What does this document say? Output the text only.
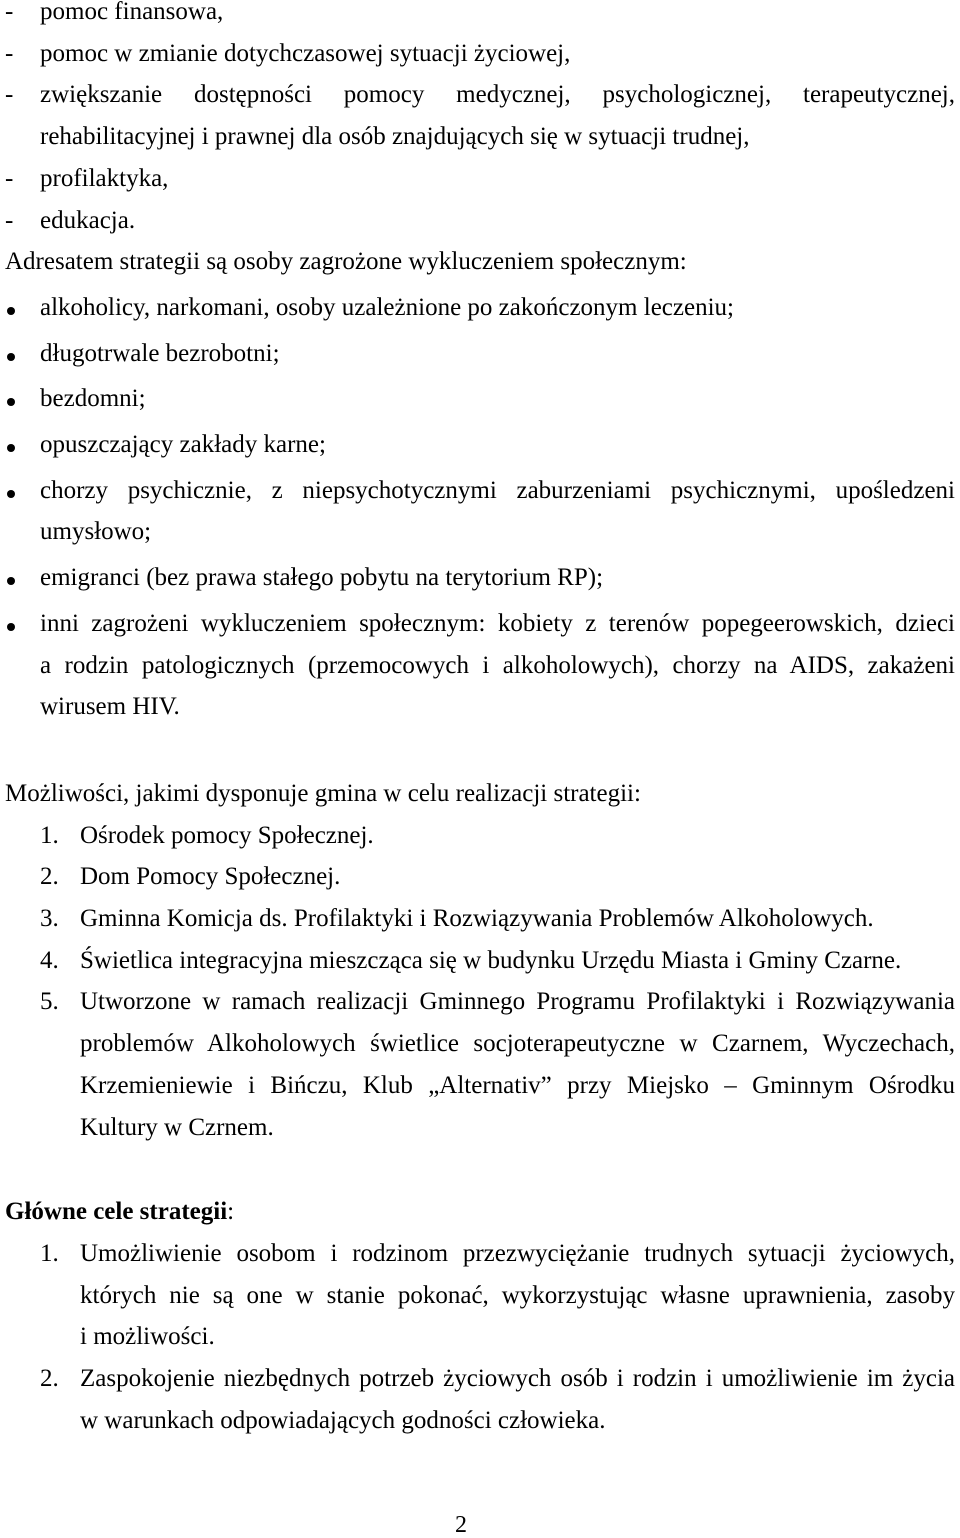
- pomoc finansowa,
- pomoc w zmianie dotychczasowej sytuacji życiowej,
- zwiększanie dostępności pomocy medycznej, psychologicznej, terapeutycznej,
rehabilitacyjnej i prawnej dla osób znajdujących się w sytuacji trudnej,
- profilaktyka,
- edukacja.
Adresatem strategii są osoby zagrożone wykluczeniem społecznym:
alkoholicy, narkomani, osoby uzależnione po zakończonym leczeniu;
długotrwale bezrobotni;
bezdomni;
opuszczający zakłady karne;
chorzy psychicznie, z niepsychotycznymi zaburzeniami psychicznymi, upośledzeni
umysłowo;
emigranci (bez prawa stałego pobytu na terytorium RP);
inni zagrożeni wykluczeniem społecznym: kobiety z terenów popegeerowskich, dzieci
a rodzin patologicznych (przemocowych i alkoholowych), chorzy na AIDS, zakażeni
wirusem HIV.
Możliwości, jakimi dysponuje gmina w celu realizacji strategii:
1. Ośrodek pomocy Społecznej.
2. Dom Pomocy Społecznej.
3. Gminna Komicja ds. Profilaktyki i Rozwiązywania Problemów Alkoholowych.
4. Świetlica integracyjna mieszcząca się w budynku Urzędu Miasta i Gminy Czarne.
5. Utworzone w ramach realizacji Gminnego Programu Profilaktyki i Rozwiązywania
problemów Alkoholowych świetlice socjoterapeutyczne w Czarnem, Wyczechach,
Krzemieniewie i Bińczu, Klub „Alternativ” przy Miejsko – Gminnym Ośrodku
Kultury w Czrnem.
Główne cele strategii:
1. Umożliwienie osobom i rodzinom przezwyciężanie trudnych sytuacji życiowych,
których nie są one w stanie pokonać, wykorzystując własne uprawnienia, zasoby
i możliwości.
2. Zaspokojenie niezbędnych potrzeb życiowych osób i rodzin i umożliwienie im życia
w warunkach odpowiadających godności człowieka.
2
